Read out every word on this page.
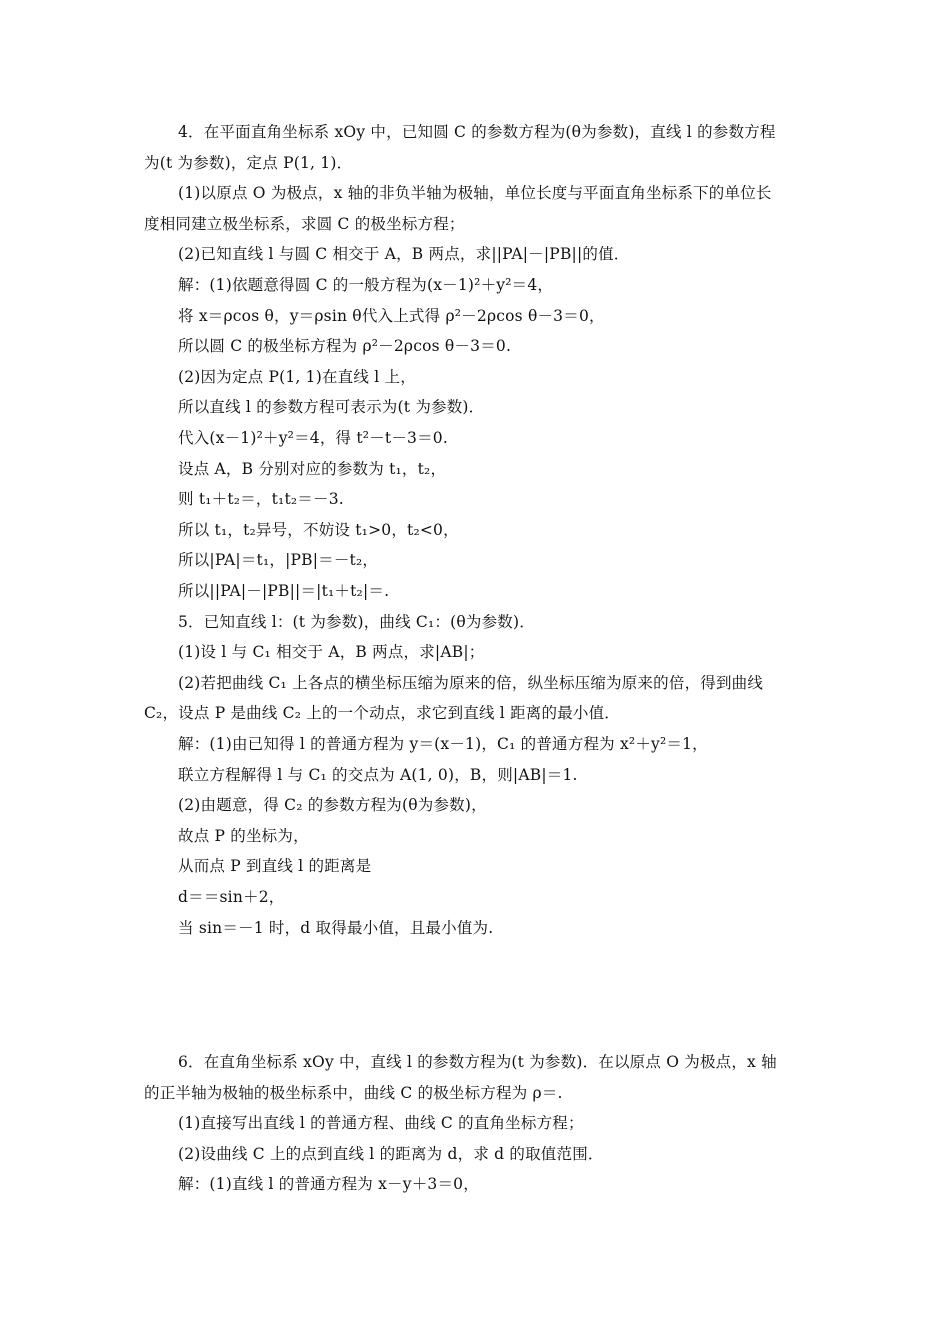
4．在平面直角坐标系 xOy 中，已知圆 C 的参数方程为(θ为参数)，直线 l 的参数方程
为(t 为参数)，定点 P(1, 1)．
(1)以原点 O 为极点，x 轴的非负半轴为极轴，单位长度与平面直角坐标系下的单位长
度相同建立极坐标系，求圆 C 的极坐标方程；
(2)已知直线 l 与圆 C 相交于 A，B 两点，求||PA|－|PB||的值．
解：(1)依题意得圆 C 的一般方程为(x－1)²＋y²＝4，
将 x＝ρcos θ，y＝ρsin θ代入上式得 ρ²－2ρcos θ－3＝0，
所以圆 C 的极坐标方程为 ρ²－2ρcos θ－3＝0.
(2)因为定点 P(1, 1)在直线 l 上，
所以直线 l 的参数方程可表示为(t 为参数)．
代入(x－1)²＋y²＝4，得 t²－t－3＝0.
设点 A，B 分别对应的参数为 t₁，t₂，
则 t₁＋t₂＝，t₁t₂＝－3.
所以 t₁，t₂异号，不妨设 t₁>0，t₂<0，
所以|PA|＝t₁，|PB|＝－t₂，
所以||PA|－|PB||＝|t₁＋t₂|＝.
5．已知直线 l：(t 为参数)，曲线 C₁：(θ为参数)．
(1)设 l 与 C₁ 相交于 A，B 两点，求|AB|；
(2)若把曲线 C₁ 上各点的横坐标压缩为原来的倍，纵坐标压缩为原来的倍，得到曲线
C₂，设点 P 是曲线 C₂ 上的一个动点，求它到直线 l 距离的最小值．
解：(1)由已知得 l 的普通方程为 y＝(x－1)，C₁ 的普通方程为 x²＋y²＝1，
联立方程解得 l 与 C₁ 的交点为 A(1, 0)，B，则|AB|＝1.
(2)由题意，得 C₂ 的参数方程为(θ为参数)，
故点 P 的坐标为，
从而点 P 到直线 l 的距离是
d＝＝sin＋2，
当 sin＝－1 时，d 取得最小值，且最小值为.
6．在直角坐标系 xOy 中，直线 l 的参数方程为(t 为参数)．在以原点 O 为极点，x 轴
的正半轴为极轴的极坐标系中，曲线 C 的极坐标方程为 ρ＝.
(1)直接写出直线 l 的普通方程、曲线 C 的直角坐标方程；
(2)设曲线 C 上的点到直线 l 的距离为 d，求 d 的取值范围．
解：(1)直线 l 的普通方程为 x－y＋3＝0，
